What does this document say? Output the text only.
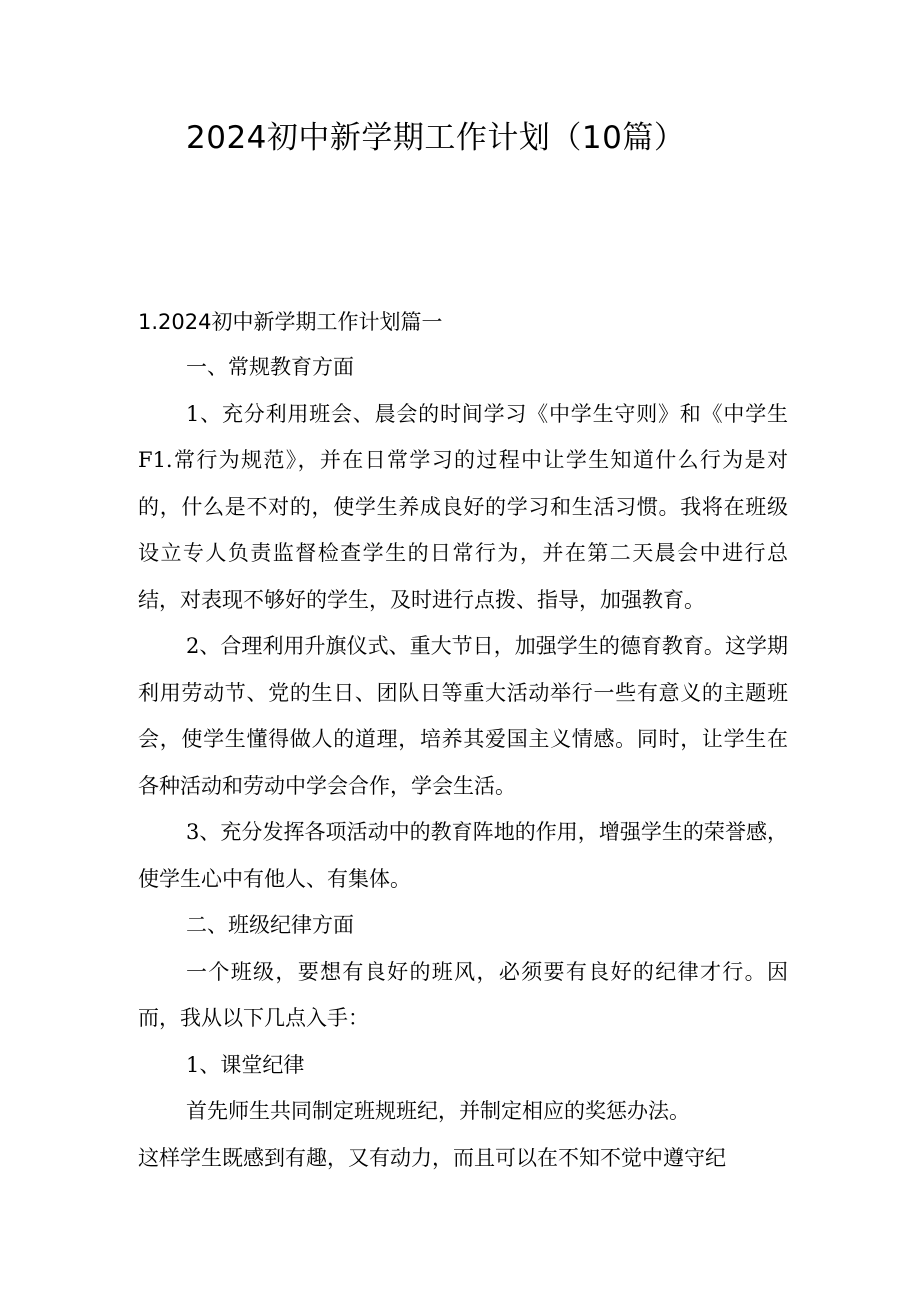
2024初中新学期工作计划（10篇）
1.2024初中新学期工作计划篇一

一、常规教育方面

1、充分利用班会、晨会的时间学习《中学生守则》和《中学生F1.常行为规范》，并在日常学习的过程中让学生知道什么行为是对的，什么是不对的，使学生养成良好的学习和生活习惯。我将在班级设立专人负责监督检查学生的日常行为，并在第二天晨会中进行总结，对表现不够好的学生，及时进行点拨、指导，加强教育。

2、合理利用升旗仪式、重大节日，加强学生的德育教育。这学期利用劳动节、党的生日、团队日等重大活动举行一些有意义的主题班会，使学生懂得做人的道理，培养其爱国主义情感。同时，让学生在各种活动和劳动中学会合作，学会生活。

3、充分发挥各项活动中的教育阵地的作用，增强学生的荣誉感，使学生心中有他人、有集体。

二、班级纪律方面

一个班级，要想有良好的班风，必须要有良好的纪律才行。因而，我从以下几点入手：

1、课堂纪律

首先师生共同制定班规班纪，并制定相应的奖惩办法。

这样学生既感到有趣，又有动力，而且可以在不知不觉中遵守纪
